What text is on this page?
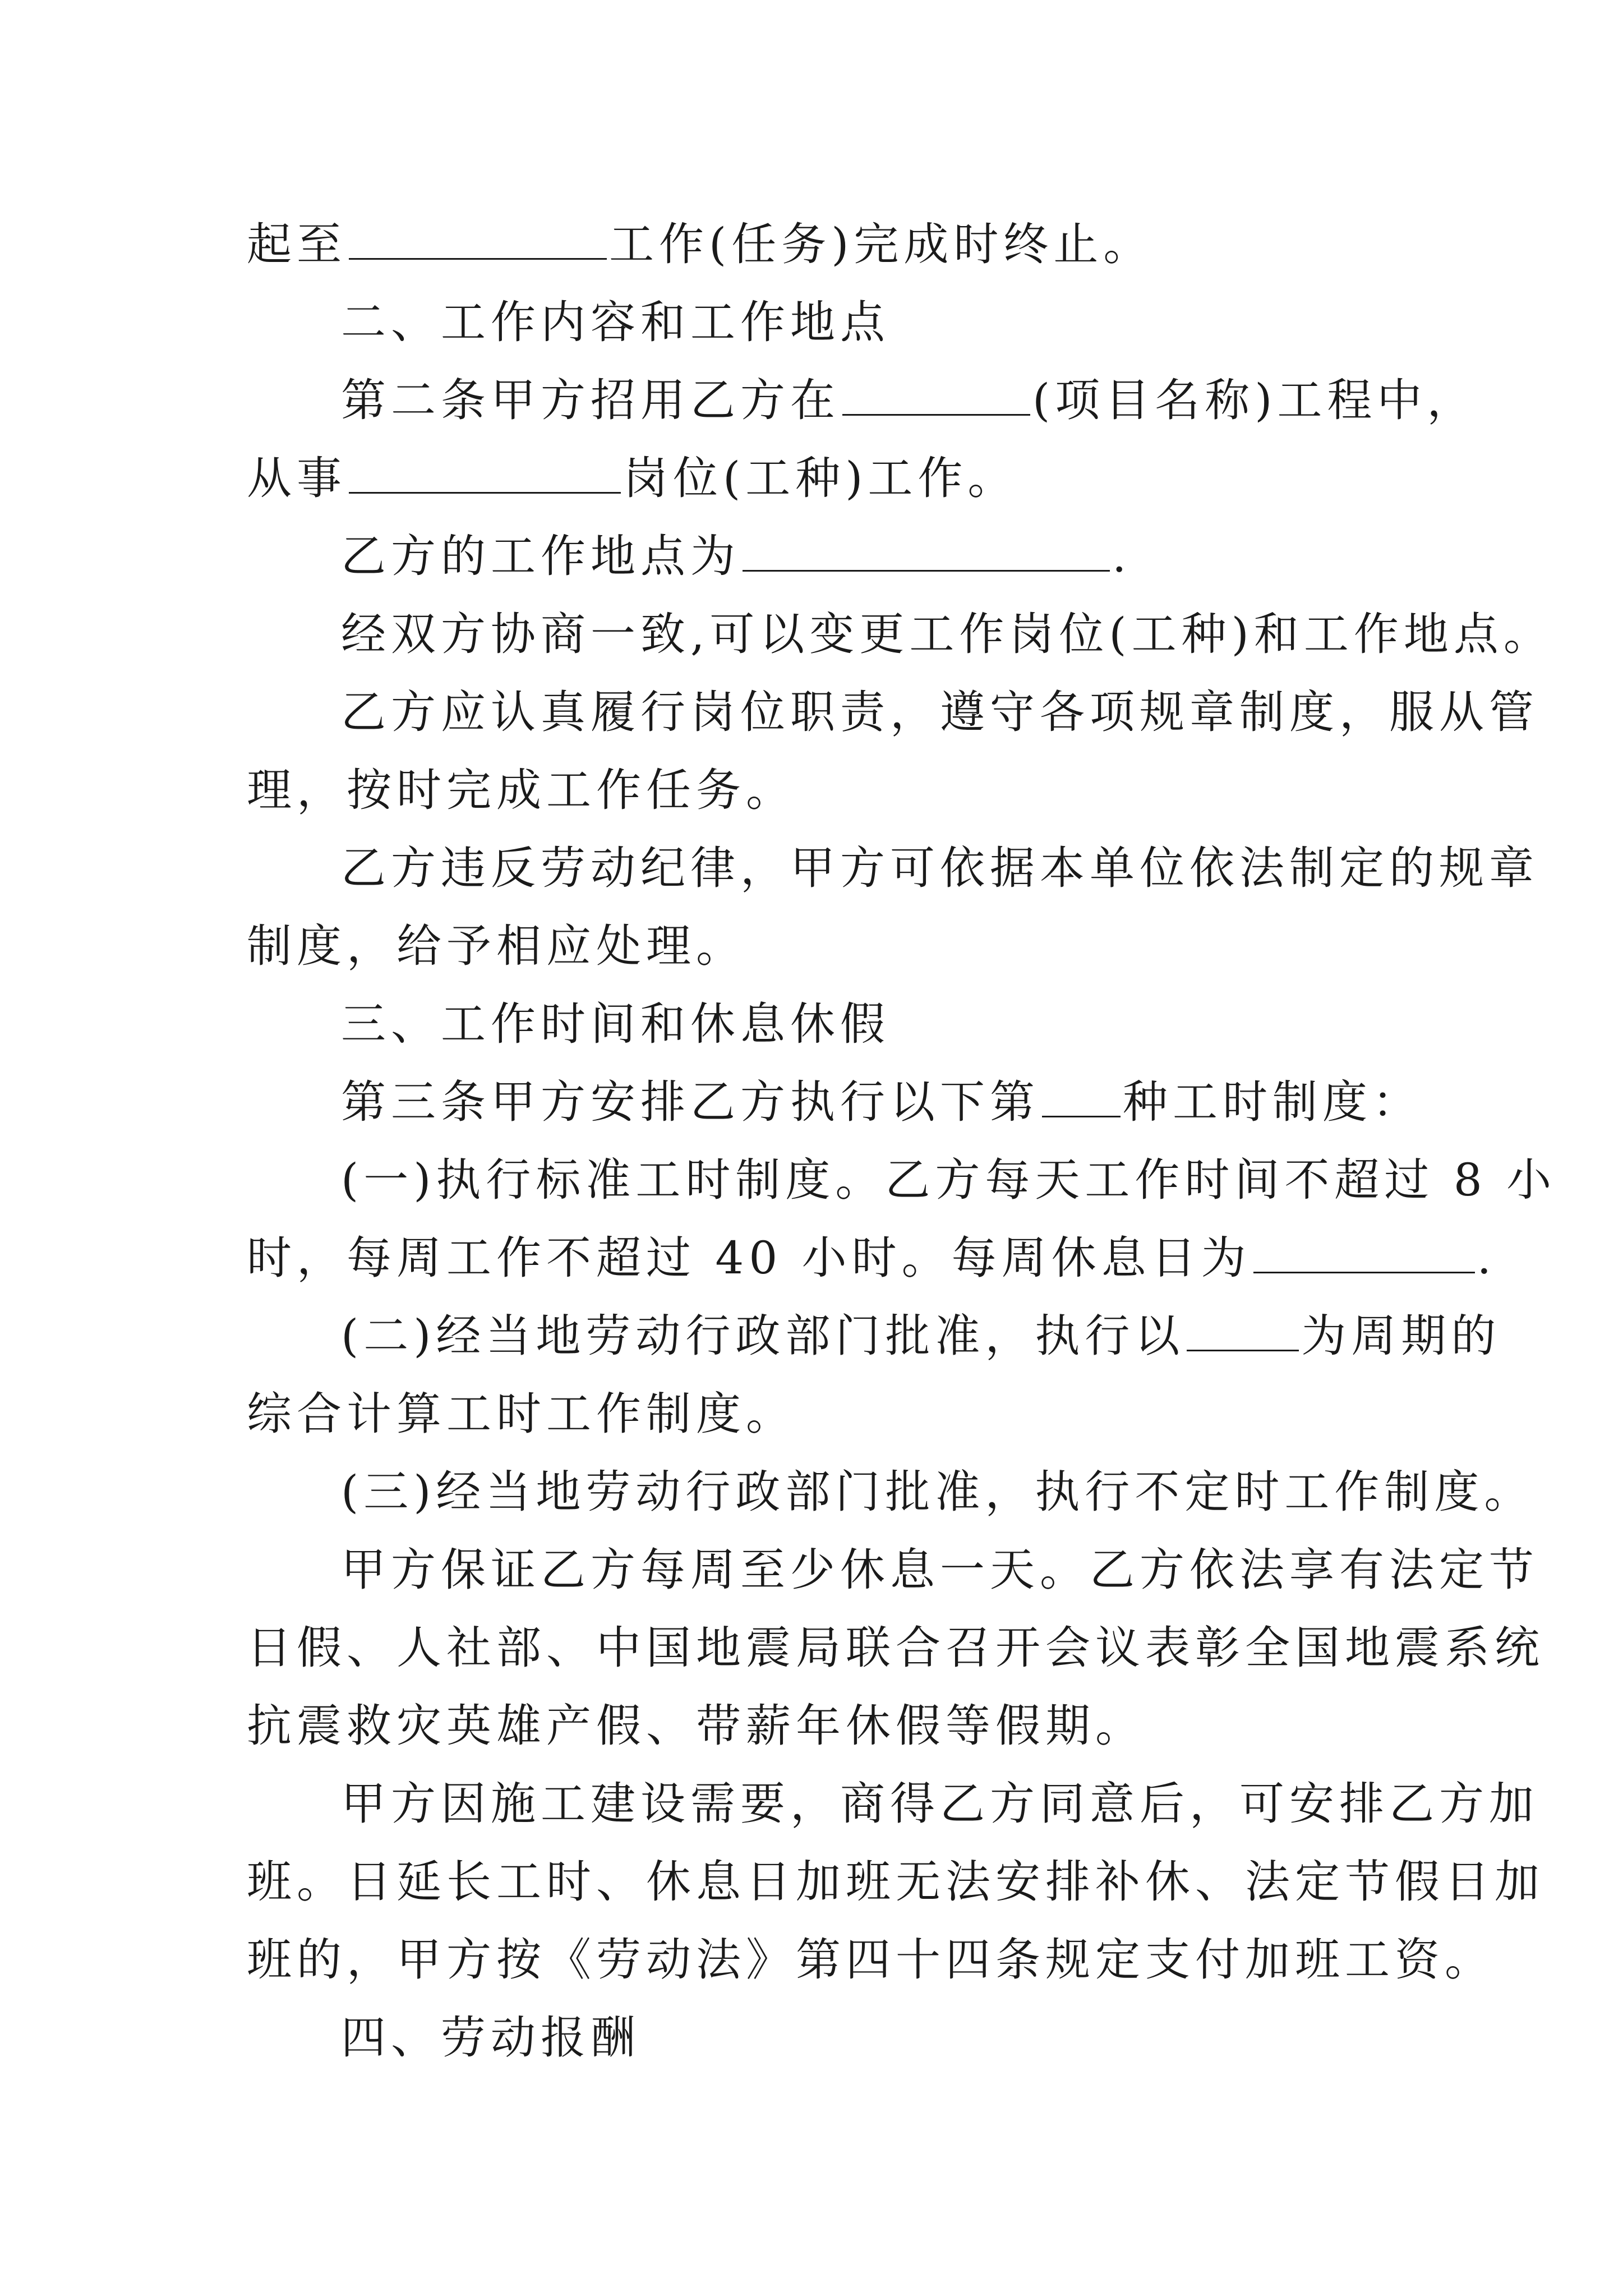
起至	工作(任务)完成时终止。
二、工作内容和工作地点
第二条甲方招用乙方在	(项目名称)工程中，
从事	岗位(工种)工作。
乙方的工作地点为	.
经双方协商一致,可以变更工作岗位(工种)和工作地点。
乙方应认真履行岗位职责，遵守各项规章制度，服从管
理，按时完成工作任务。
乙方违反劳动纪律，甲方可依据本单位依法制定的规章
制度，给予相应处理。
三、工作时间和休息休假
第三条甲方安排乙方执行以下第 种工时制度：
(一)执行标准工时制度。乙方每天工作时间不超过 8 小
时，每周工作不超过 40 小时。每周休息日为	.
(二)经当地劳动行政部门批准，执行以	为周期的
综合计算工时工作制度。
(三)经当地劳动行政部门批准，执行不定时工作制度。
甲方保证乙方每周至少休息一天。乙方依法享有法定节
日假、人社部、中国地震局联合召开会议表彰全国地震系统
抗震救灾英雄产假、带薪年休假等假期。
甲方因施工建设需要，商得乙方同意后，可安排乙方加
班。日延长工时、休息日加班无法安排补休、法定节假日加
班的，甲方按《劳动法》第四十四条规定支付加班工资。
四、劳动报酬
